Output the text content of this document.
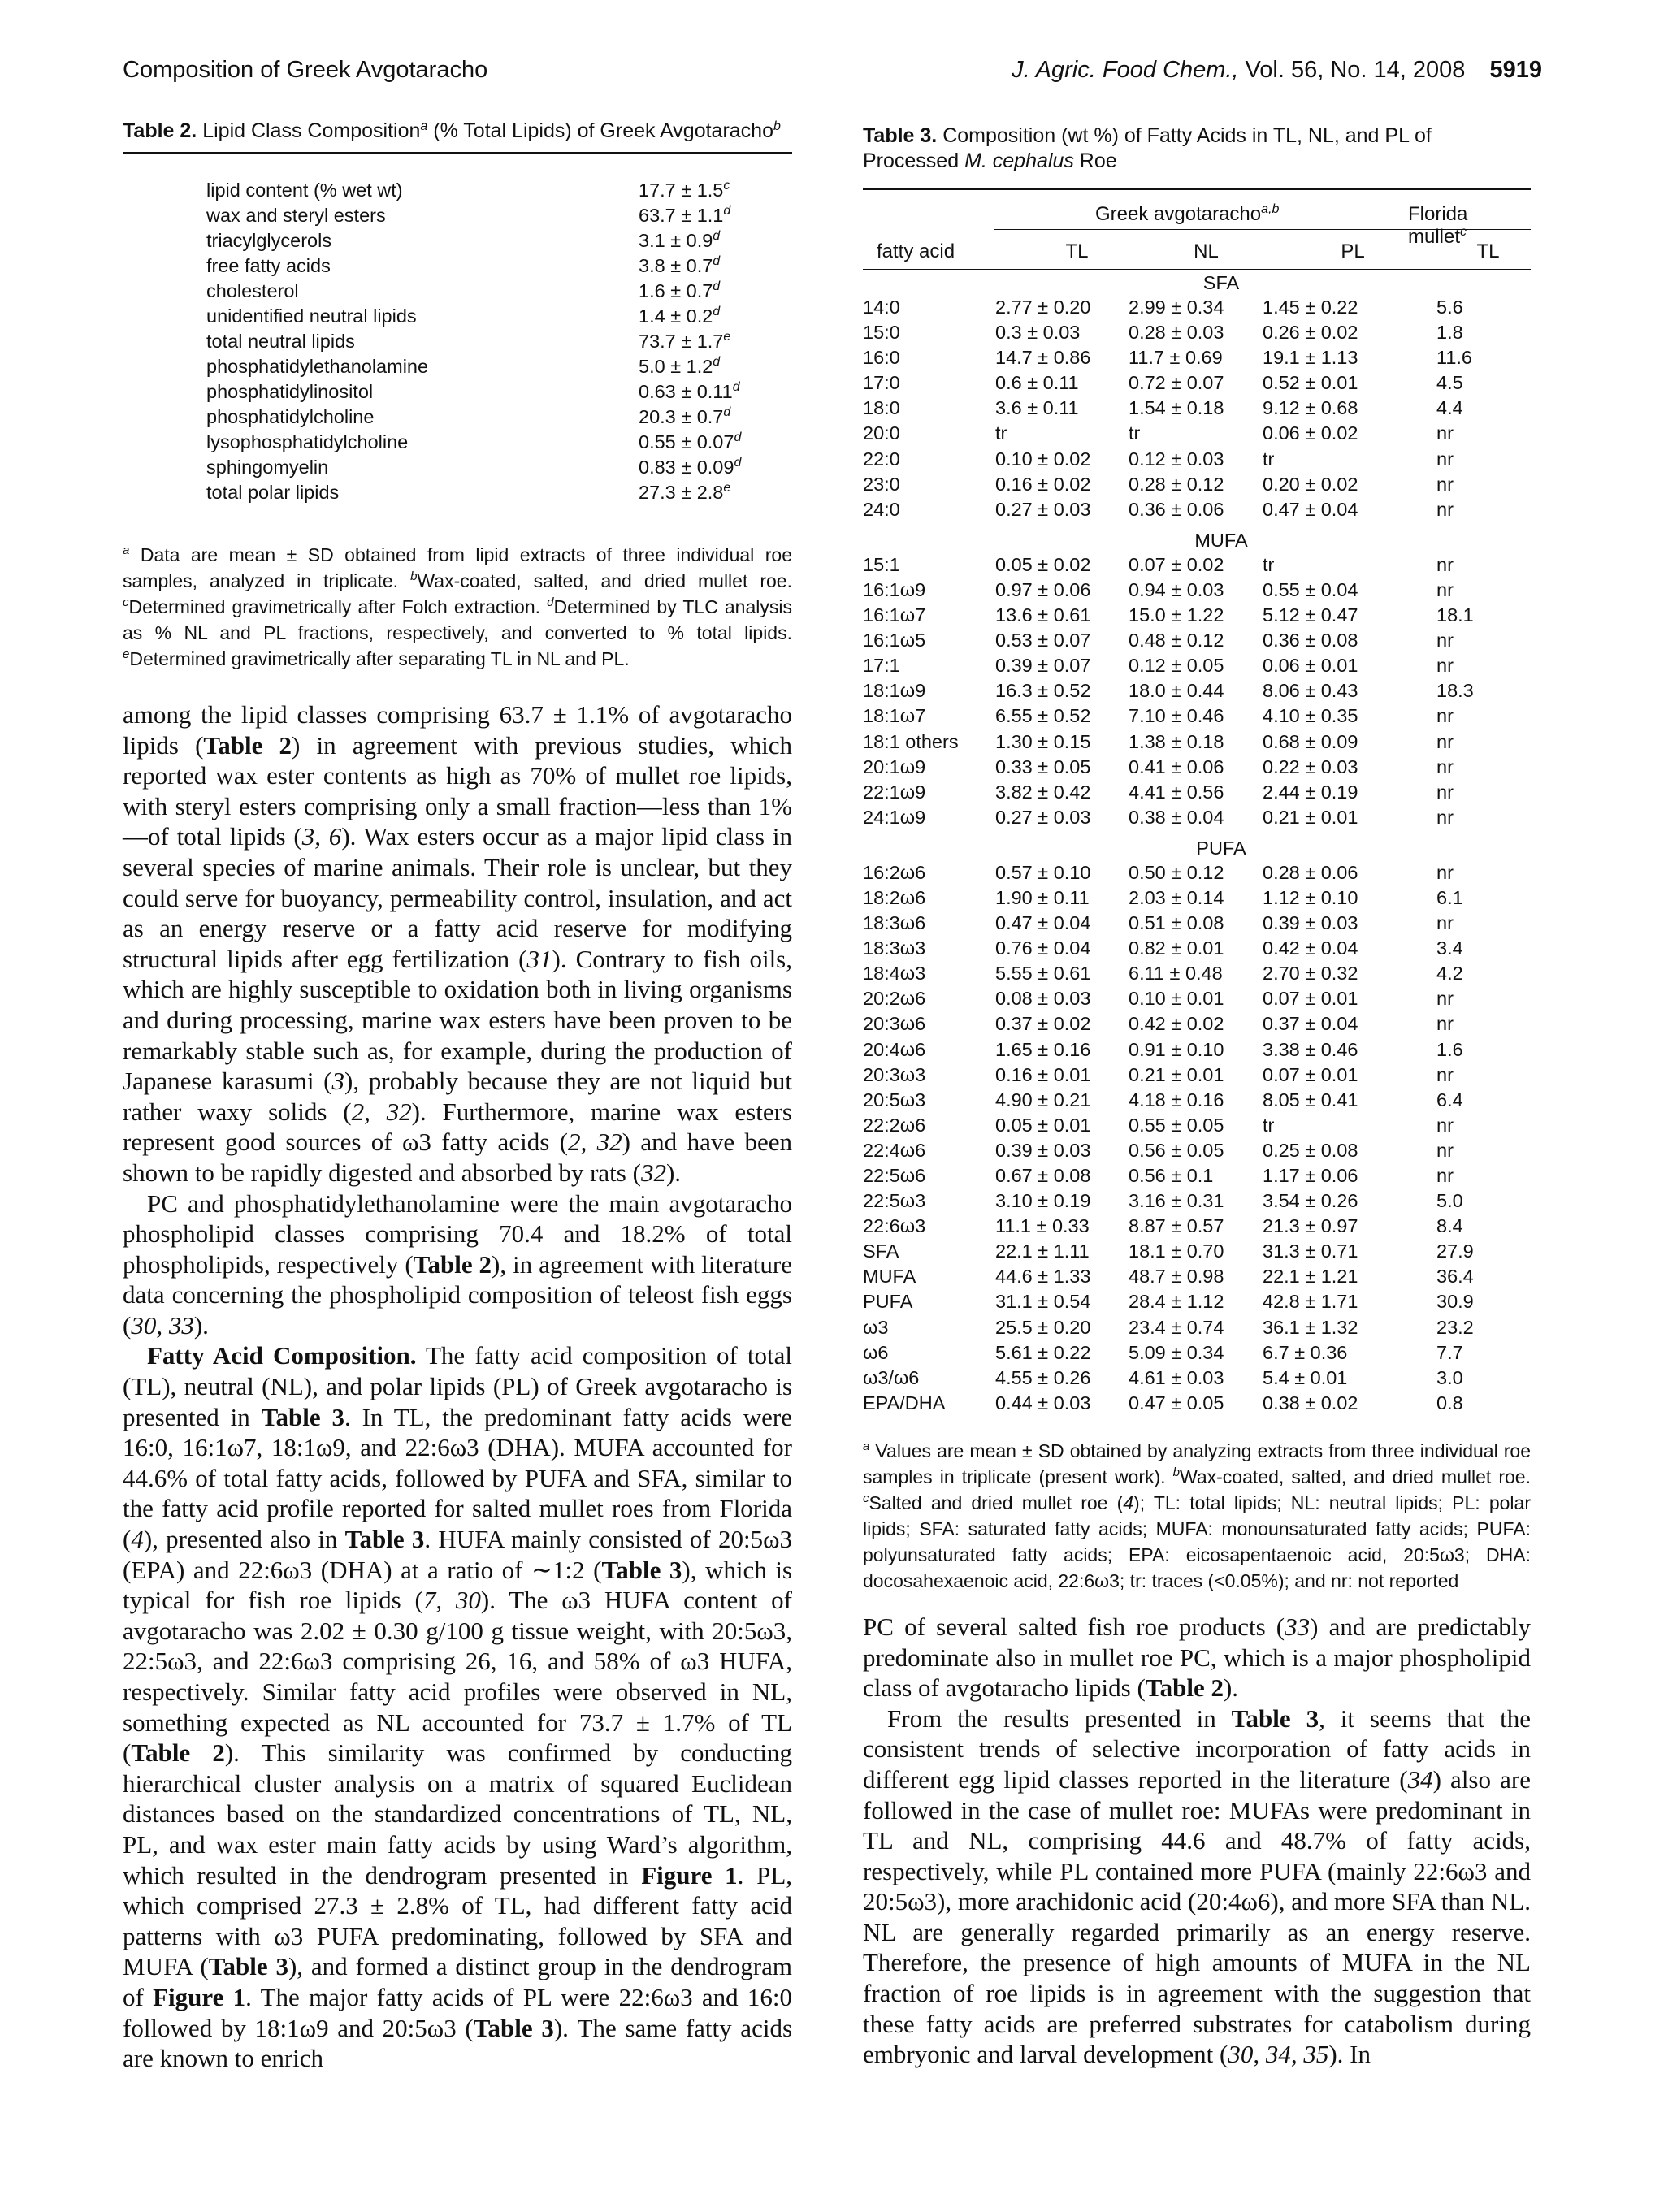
Composition of Greek Avgotaracho	J. Agric. Food Chem., Vol. 56, No. 14, 2008 5919
Table 2. Lipid Class Composition$^a$ (% Total Lipids) of Greek Avgotaracho$^b$
lipid content (% wet wt)	17.7 ± 1.5$^c$
wax and steryl esters	63.7 ± 1.1$^d$
triacylglycerols	3.1 ± 0.9$^d$
free fatty acids	3.8 ± 0.7$^d$
cholesterol	1.6 ± 0.7$^d$
unidentified neutral lipids	1.4 ± 0.2$^d$
total neutral lipids	73.7 ± 1.7$^e$
phosphatidylethanolamine	5.0 ± 1.2$^d$
phosphatidylinositol	0.63 ± 0.11$^d$
phosphatidylcholine	20.3 ± 0.7$^d$
lysophosphatidylcholine	0.55 ± 0.07$^d$
sphingomyelin	0.83 ± 0.09$^d$
total polar lipids	27.3 ± 2.8$^e$
$^a$ Data are mean ± SD obtained from lipid extracts of three individual roe samples, analyzed in triplicate. $^b$Wax-coated, salted, and dried mullet roe. $^c$Determined gravimetrically after Folch extraction. $^d$Determined by TLC analysis as % NL and PL fractions, respectively, and converted to % total lipids. $^e$Determined gravimetrically after separating TL in NL and PL.

among the lipid classes comprising 63.7 ± 1.1% of avgotaracho lipids (Table 2) in agreement with previous studies, which reported wax ester contents as high as 70% of mullet roe lipids, with steryl esters comprising only a small fraction—less than 1%—of total lipids (3, 6). Wax esters occur as a major lipid class in several species of marine animals. Their role is unclear, but they could serve for buoyancy, permeability control, insulation, and act as an energy reserve or a fatty acid reserve for modifying structural lipids after egg fertilization (31). Contrary to fish oils, which are highly susceptible to oxidation both in living organisms and during processing, marine wax esters have been proven to be remarkably stable such as, for example, during the production of Japanese karasumi (3), probably because they are not liquid but rather waxy solids (2, 32). Furthermore, marine wax esters represent good sources of ω3 fatty acids (2, 32) and have been shown to be rapidly digested and absorbed by rats (32).

PC and phosphatidylethanolamine were the main avgotaracho phospholipid classes comprising 70.4 and 18.2% of total phospholipids, respectively (Table 2), in agreement with literature data concerning the phospholipid composition of teleost fish eggs (30, 33).

Fatty Acid Composition. The fatty acid composition of total (TL), neutral (NL), and polar lipids (PL) of Greek avgotaracho is presented in Table 3. In TL, the predominant fatty acids were 16:0, 16:1ω7, 18:1ω9, and 22:6ω3 (DHA). MUFA accounted for 44.6% of total fatty acids, followed by PUFA and SFA, similar to the fatty acid profile reported for salted mullet roes from Florida (4), presented also in Table 3. HUFA mainly consisted of 20:5ω3 (EPA) and 22:6ω3 (DHA) at a ratio of ∼1:2 (Table 3), which is typical for fish roe lipids (7, 30). The ω3 HUFA content of avgotaracho was 2.02 ± 0.30 g/100 g tissue weight, with 20:5ω3, 22:5ω3, and 22:6ω3 comprising 26, 16, and 58% of ω3 HUFA, respectively. Similar fatty acid profiles were observed in NL, something expected as NL accounted for 73.7 ± 1.7% of TL (Table 2). This similarity was confirmed by conducting hierarchical cluster analysis on a matrix of squared Euclidean distances based on the standardized concentrations of TL, NL, PL, and wax ester main fatty acids by using Ward’s algorithm, which resulted in the dendrogram presented in Figure 1. PL, which comprised 27.3 ± 2.8% of TL, had different fatty acid patterns with ω3 PUFA predominating, followed by SFA and MUFA (Table 3), and formed a distinct group in the dendrogram of Figure 1. The major fatty acids of PL were 22:6ω3 and 16:0 followed by 18:1ω9 and 20:5ω3 (Table 3). The same fatty acids are known to enrich

Table 3. Composition (wt %) of Fatty Acids in TL, NL, and PL of Processed M. cephalus Roe
Greek avgotaracho$^{a,b}$	Florida mullet$^c$
fatty acid	TL	NL	PL	TL
SFA
14:0	2.77 ± 0.20	2.99 ± 0.34	1.45 ± 0.22	5.6
15:0	0.3 ± 0.03	0.28 ± 0.03	0.26 ± 0.02	1.8
16:0	14.7 ± 0.86	11.7 ± 0.69	19.1 ± 1.13	11.6
17:0	0.6 ± 0.11	0.72 ± 0.07	0.52 ± 0.01	4.5
18:0	3.6 ± 0.11	1.54 ± 0.18	9.12 ± 0.68	4.4
20:0	tr	tr	0.06 ± 0.02	nr
22:0	0.10 ± 0.02	0.12 ± 0.03	tr	nr
23:0	0.16 ± 0.02	0.28 ± 0.12	0.20 ± 0.02	nr
24:0	0.27 ± 0.03	0.36 ± 0.06	0.47 ± 0.04	nr
MUFA
15:1	0.05 ± 0.02	0.07 ± 0.02	tr	nr
16:1ω9	0.97 ± 0.06	0.94 ± 0.03	0.55 ± 0.04	nr
16:1ω7	13.6 ± 0.61	15.0 ± 1.22	5.12 ± 0.47	18.1
16:1ω5	0.53 ± 0.07	0.48 ± 0.12	0.36 ± 0.08	nr
17:1	0.39 ± 0.07	0.12 ± 0.05	0.06 ± 0.01	nr
18:1ω9	16.3 ± 0.52	18.0 ± 0.44	8.06 ± 0.43	18.3
18:1ω7	6.55 ± 0.52	7.10 ± 0.46	4.10 ± 0.35	nr
18:1 others	1.30 ± 0.15	1.38 ± 0.18	0.68 ± 0.09	nr
20:1ω9	0.33 ± 0.05	0.41 ± 0.06	0.22 ± 0.03	nr
22:1ω9	3.82 ± 0.42	4.41 ± 0.56	2.44 ± 0.19	nr
24:1ω9	0.27 ± 0.03	0.38 ± 0.04	0.21 ± 0.01	nr
PUFA
16:2ω6	0.57 ± 0.10	0.50 ± 0.12	0.28 ± 0.06	nr
18:2ω6	1.90 ± 0.11	2.03 ± 0.14	1.12 ± 0.10	6.1
18:3ω6	0.47 ± 0.04	0.51 ± 0.08	0.39 ± 0.03	nr
18:3ω3	0.76 ± 0.04	0.82 ± 0.01	0.42 ± 0.04	3.4
18:4ω3	5.55 ± 0.61	6.11 ± 0.48	2.70 ± 0.32	4.2
20:2ω6	0.08 ± 0.03	0.10 ± 0.01	0.07 ± 0.01	nr
20:3ω6	0.37 ± 0.02	0.42 ± 0.02	0.37 ± 0.04	nr
20:4ω6	1.65 ± 0.16	0.91 ± 0.10	3.38 ± 0.46	1.6
20:3ω3	0.16 ± 0.01	0.21 ± 0.01	0.07 ± 0.01	nr
20:5ω3	4.90 ± 0.21	4.18 ± 0.16	8.05 ± 0.41	6.4
22:2ω6	0.05 ± 0.01	0.55 ± 0.05	tr	nr
22:4ω6	0.39 ± 0.03	0.56 ± 0.05	0.25 ± 0.08	nr
22:5ω6	0.67 ± 0.08	0.56 ± 0.1	1.17 ± 0.06	nr
22:5ω3	3.10 ± 0.19	3.16 ± 0.31	3.54 ± 0.26	5.0
22:6ω3	11.1 ± 0.33	8.87 ± 0.57	21.3 ± 0.97	8.4
SFA	22.1 ± 1.11	18.1 ± 0.70	31.3 ± 0.71	27.9
MUFA	44.6 ± 1.33	48.7 ± 0.98	22.1 ± 1.21	36.4
PUFA	31.1 ± 0.54	28.4 ± 1.12	42.8 ± 1.71	30.9
ω3	25.5 ± 0.20	23.4 ± 0.74	36.1 ± 1.32	23.2
ω6	5.61 ± 0.22	5.09 ± 0.34	6.7 ± 0.36	7.7
ω3/ω6	4.55 ± 0.26	4.61 ± 0.03	5.4 ± 0.01	3.0
EPA/DHA	0.44 ± 0.03	0.47 ± 0.05	0.38 ± 0.02	0.8
$^a$ Values are mean ± SD obtained by analyzing extracts from three individual roe samples in triplicate (present work). $^b$Wax-coated, salted, and dried mullet roe. $^c$Salted and dried mullet roe (4); TL: total lipids; NL: neutral lipids; PL: polar lipids; SFA: saturated fatty acids; MUFA: monounsaturated fatty acids; PUFA: polyunsaturated fatty acids; EPA: eicosapentaenoic acid, 20:5ω3; DHA: docosahexaenoic acid, 22:6ω3; tr: traces (<0.05%); and nr: not reported

PC of several salted fish roe products (33) and are predictably predominate also in mullet roe PC, which is a major phospholipid class of avgotaracho lipids (Table 2).

From the results presented in Table 3, it seems that the consistent trends of selective incorporation of fatty acids in different egg lipid classes reported in the literature (34) also are followed in the case of mullet roe: MUFAs were predominant in TL and NL, comprising 44.6 and 48.7% of fatty acids, respectively, while PL contained more PUFA (mainly 22:6ω3 and 20:5ω3), more arachidonic acid (20:4ω6), and more SFA than NL. NL are generally regarded primarily as an energy reserve. Therefore, the presence of high amounts of MUFA in the NL fraction of roe lipids is in agreement with the suggestion that these fatty acids are preferred substrates for catabolism during embryonic and larval development (30, 34, 35). In
